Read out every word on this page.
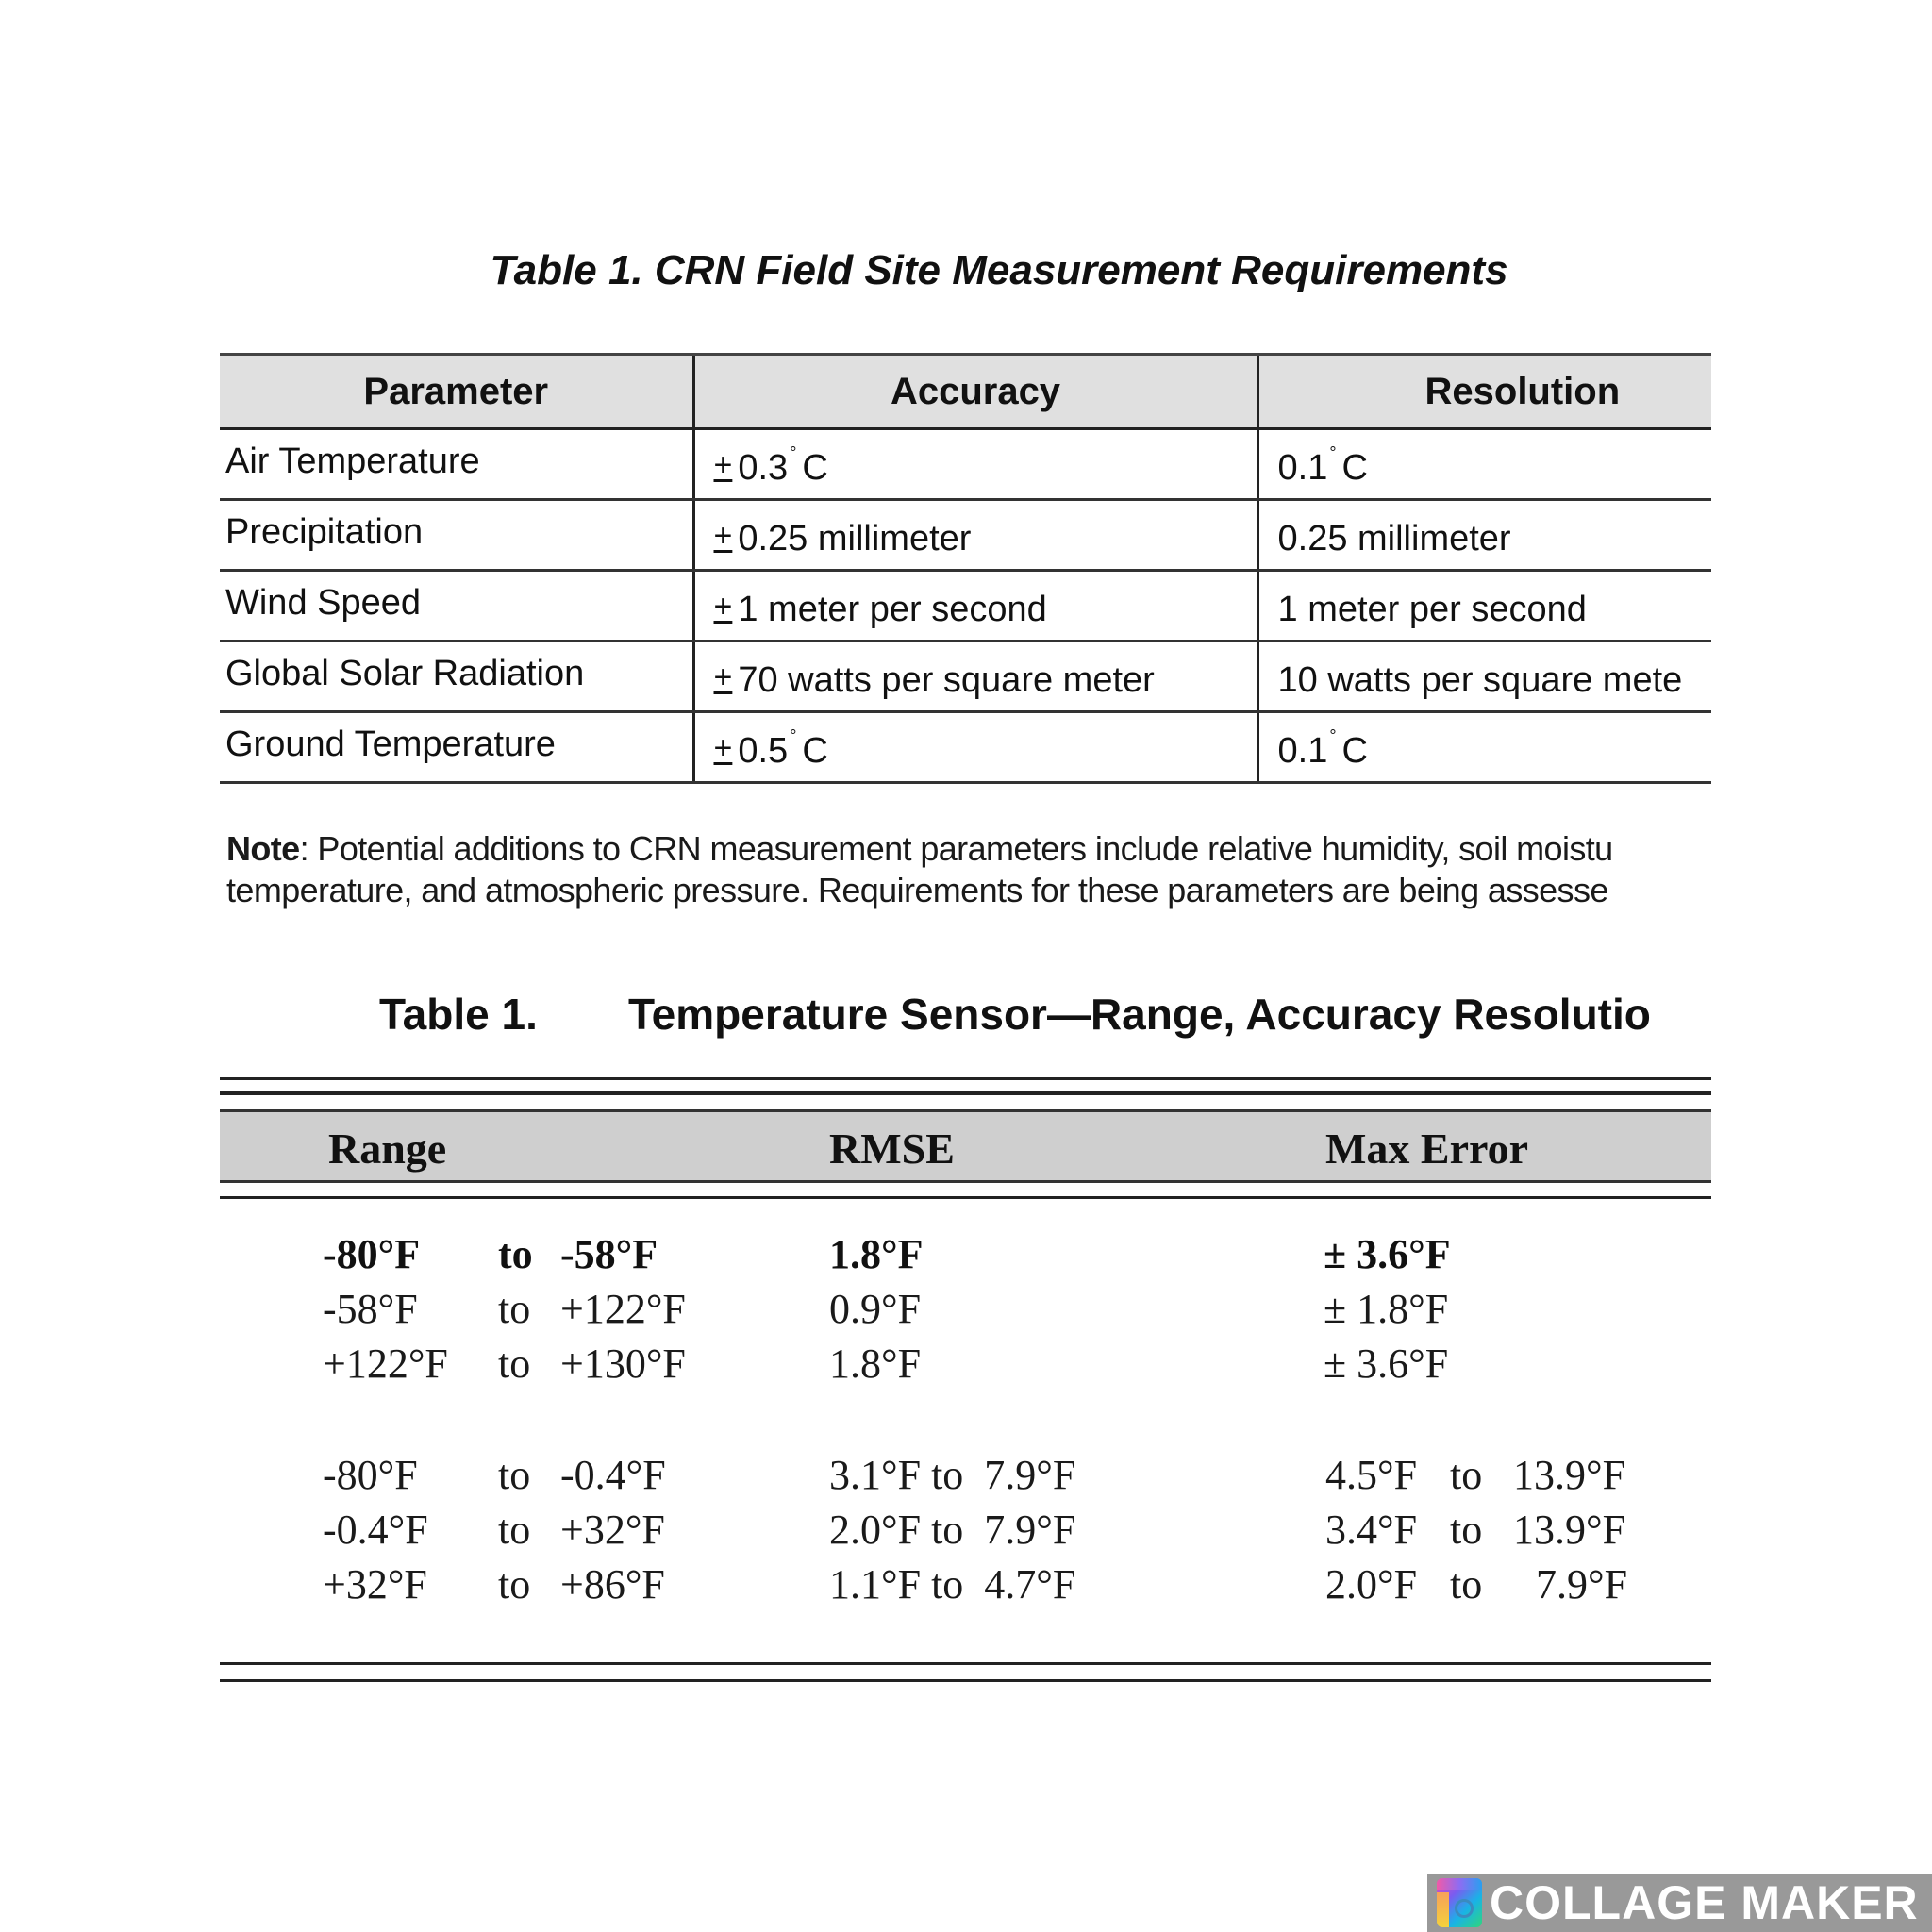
Table 1. CRN Field Site Measurement Requirements
Parameter	Accuracy	Resolution
Air Temperature	+ 0.3 ° C	0.1 ° C
Precipitation	+ 0.25 millimeter	0.25 millimeter
Wind Speed	+ 1 meter per second	1 meter per second
Global Solar Radiation	+ 70 watts per square meter	10 watts per square mete
Ground Temperature	+ 0.5 ° C	0.1 ° C
Note: Potential additions to CRN measurement parameters include relative humidity, soil moistu
temperature, and atmospheric pressure. Requirements for these parameters are being assesse
Table 1. Temperature Sensor—Range, Accuracy Resolutio
Range	RMSE	Max Error
-80°F to -58°F	1.8°F	± 3.6°F
-58°F to +122°F	0.9°F	± 1.8°F
+122°F to +130°F	1.8°F	± 3.6°F
-80°F to -0.4°F	3.1°F to  7.9°F	4.5°F to 13.9°F
-0.4°F to +32°F	2.0°F to  7.9°F	3.4°F to 13.9°F
+32°F to +86°F	1.1°F to  4.7°F	2.0°F to 7.9°F
COLLAGE MAKER
